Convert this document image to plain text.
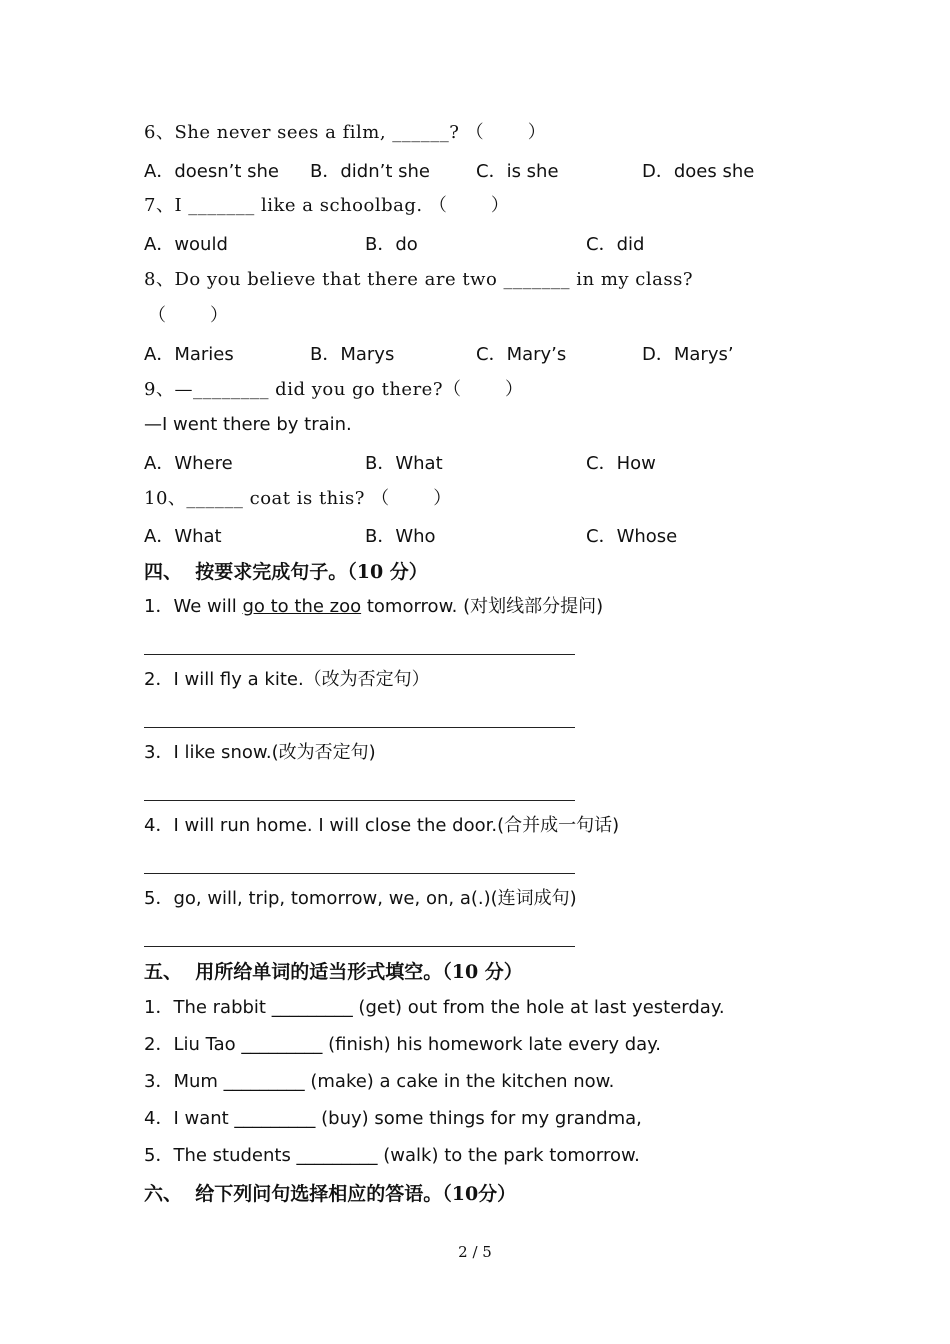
6、She never sees a film, ______? （       ）
A．doesn’t she B．didn’t she	C．is she	D．does she
7、I _______ like a schoolbag. （       ）
A．would	B．do	C．did
8、Do you believe that there are two _______ in my class?
（       ）
A．Maries	B．Marys	C．Mary’s	D．Marys’
9、—________ did you go there?（       ）
—I went there by train.
A．Where	B．What	C．How
10、______ coat is this? （       ）
A．What	B．Who	C．Whose
四、  按要求完成句子。（10 分）
1．We will go to the zoo tomorrow. (对划线部分提问)
2．I will fly a kite.（改为否定句）
3．I like snow.(改为否定句)
4．I will run home. I will close the door.(合并成一句话)
5．go, will, trip, tomorrow, we, on, a(.)(连词成句)
五、  用所给单词的适当形式填空。（10 分）
1．The rabbit _________ (get) out from the hole at last yesterday.
2．Liu Tao _________ (finish) his homework late every day.
3．Mum _________ (make) a cake in the kitchen now.
4．I want _________ (buy) some things for my grandma,
5．The students _________ (walk) to the park tomorrow.
六、  给下列问句选择相应的答语。（10分）
2 / 5
